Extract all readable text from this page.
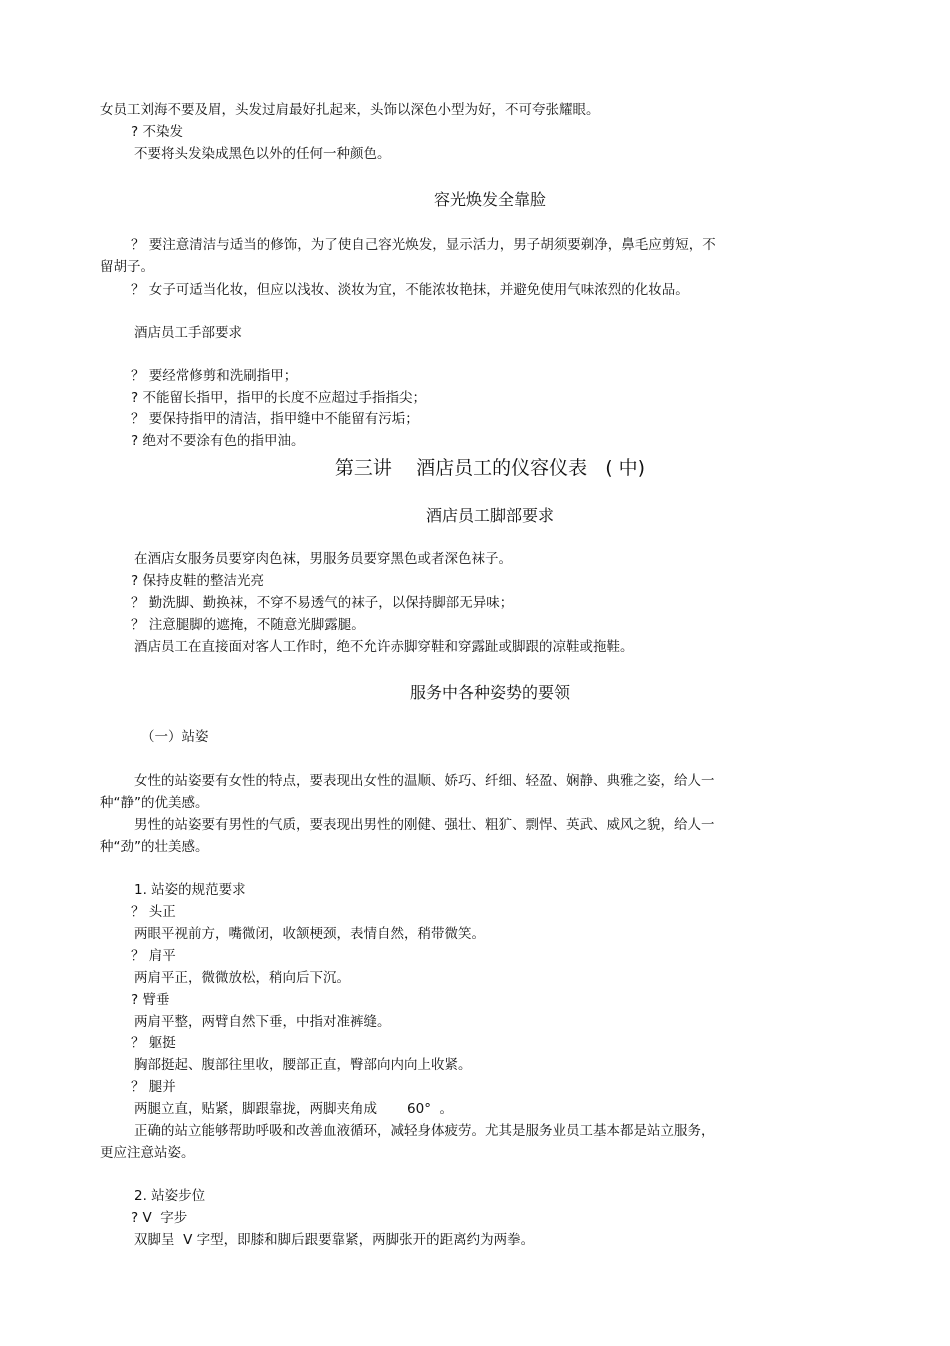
女员工刘海不要及眉，头发过肩最好扎起来，头饰以深色小型为好，不可夸张耀眼。
? 不染发
不要将头发染成黑色以外的任何一种颜色。
容光焕发全靠脸
？ 要注意清洁与适当的修饰，为了使自己容光焕发，显示活力，男子胡须要剃净，鼻毛应剪短，不
留胡子。
？ 女子可适当化妆，但应以浅妆、淡妆为宜，不能浓妆艳抹，并避免使用气味浓烈的化妆品。
酒店员工手部要求
？ 要经常修剪和洗刷指甲；
? 不能留长指甲，指甲的长度不应超过手指指尖；
？ 要保持指甲的清洁，指甲缝中不能留有污垢；
? 绝对不要涂有色的指甲油。
第三讲    酒店员工的仪容仪表   ( 中)
酒店员工脚部要求
在酒店女服务员要穿肉色袜，男服务员要穿黑色或者深色袜子。
? 保持皮鞋的整洁光亮
？ 勤洗脚、勤换袜，不穿不易透气的袜子，以保持脚部无异味；
？ 注意腿脚的遮掩，不随意光脚露腿。
酒店员工在直接面对客人工作时，绝不允许赤脚穿鞋和穿露趾或脚跟的凉鞋或拖鞋。
服务中各种姿势的要领
（一）站姿
女性的站姿要有女性的特点，要表现出女性的温顺、娇巧、纤细、轻盈、娴静、典雅之姿，给人一
种“静”的优美感。
男性的站姿要有男性的气质，要表现出男性的刚健、强壮、粗犷、剽悍、英武、威风之貌，给人一
种“劲”的壮美感。
1. 站姿的规范要求
？ 头正
两眼平视前方，嘴微闭，收颔梗颈，表情自然，稍带微笑。
？ 肩平
两肩平正，微微放松，稍向后下沉。
? 臂垂
两肩平整，两臂自然下垂，中指对准裤缝。
？ 躯挺
胸部挺起、腹部往里收，腰部正直，臀部向内向上收紧。
？ 腿并
两腿立直，贴紧，脚跟靠拢，两脚夹角成       60°  。
正确的站立能够帮助呼吸和改善血液循环，减轻身体疲劳。尤其是服务业员工基本都是站立服务，
更应注意站姿。
2. 站姿步位
? V  字步
双脚呈  V 字型，即膝和脚后跟要靠紧，两脚张开的距离约为两拳。
